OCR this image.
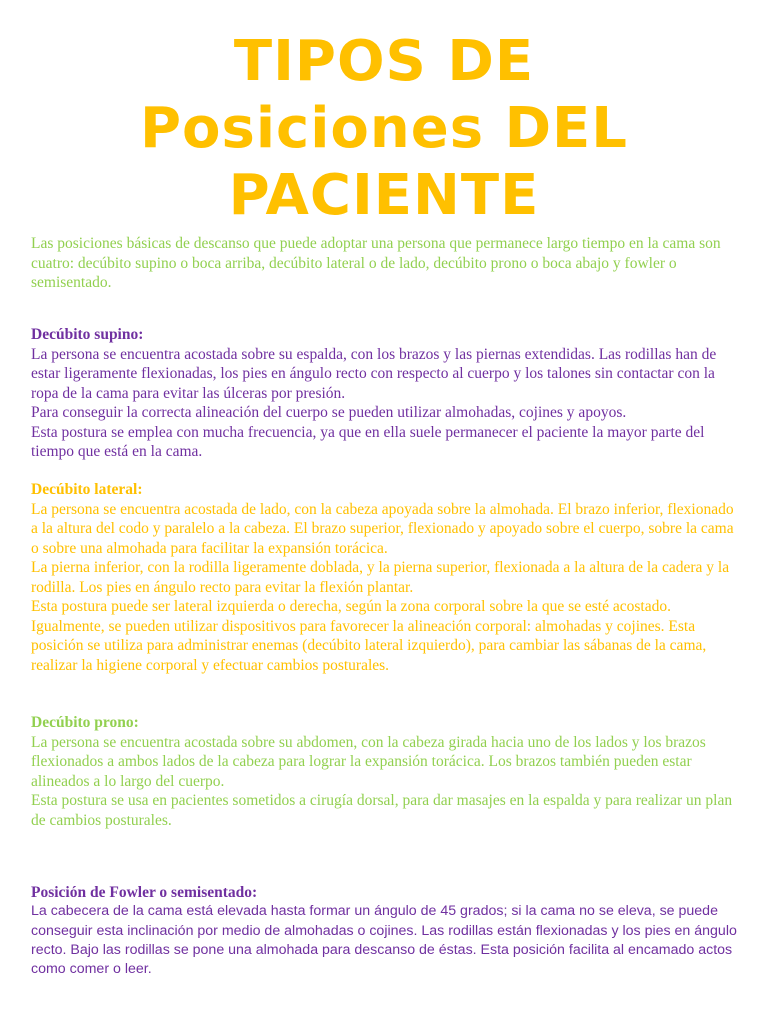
TIPOS DE
Posiciones DEL
PACIENTE

Las posiciones básicas de descanso que puede adoptar una persona que permanece largo tiempo en la cama son cuatro: decúbito supino o boca arriba, decúbito lateral o de lado, decúbito prono o boca abajo y fowler o semisentado.

Decúbito supino:

La persona se encuentra acostada sobre su espalda, con los brazos y las piernas extendidas. Las rodillas han de estar ligeramente flexionadas, los pies en ángulo recto con respecto al cuerpo y los talones sin contactar con la ropa de la cama para evitar las úlceras por presión.

Para conseguir la correcta alineación del cuerpo se pueden utilizar almohadas, cojines y apoyos.

Esta postura se emplea con mucha frecuencia, ya que en ella suele permanecer el paciente la mayor parte del tiempo que está en la cama.

Decúbito lateral:

La persona se encuentra acostada de lado, con la cabeza apoyada sobre la almohada. El brazo inferior, flexionado a la altura del codo y paralelo a la cabeza. El brazo superior, flexionado y apoyado sobre el cuerpo, sobre la cama o sobre una almohada para facilitar la expansión torácica.

La pierna inferior, con la rodilla ligeramente doblada, y la pierna superior, flexionada a la altura de la cadera y la rodilla. Los pies en ángulo recto para evitar la flexión plantar.

Esta postura puede ser lateral izquierda o derecha, según la zona corporal sobre la que se esté acostado. Igualmente, se pueden utilizar dispositivos para favorecer la alineación corporal: almohadas y cojines. Esta posición se utiliza para administrar enemas (decúbito lateral izquierdo), para cambiar las sábanas de la cama, realizar la higiene corporal y efectuar cambios posturales.

Decúbito prono:

La persona se encuentra acostada sobre su abdomen, con la cabeza girada hacia uno de los lados y los brazos flexionados a ambos lados de la cabeza para lograr la expansión torácica. Los brazos también pueden estar alineados a lo largo del cuerpo.

Esta postura se usa en pacientes sometidos a cirugía dorsal, para dar masajes en la espalda y para realizar un plan de cambios posturales.

Posición de Fowler o semisentado:

La cabecera de la cama está elevada hasta formar un ángulo de 45 grados; si la cama no se eleva, se puede conseguir esta inclinación por medio de almohadas o cojines. Las rodillas están flexionadas y los pies en ángulo recto. Bajo las rodillas se pone una almohada para descanso de éstas. Esta posición facilita al encamado actos como comer o leer.
